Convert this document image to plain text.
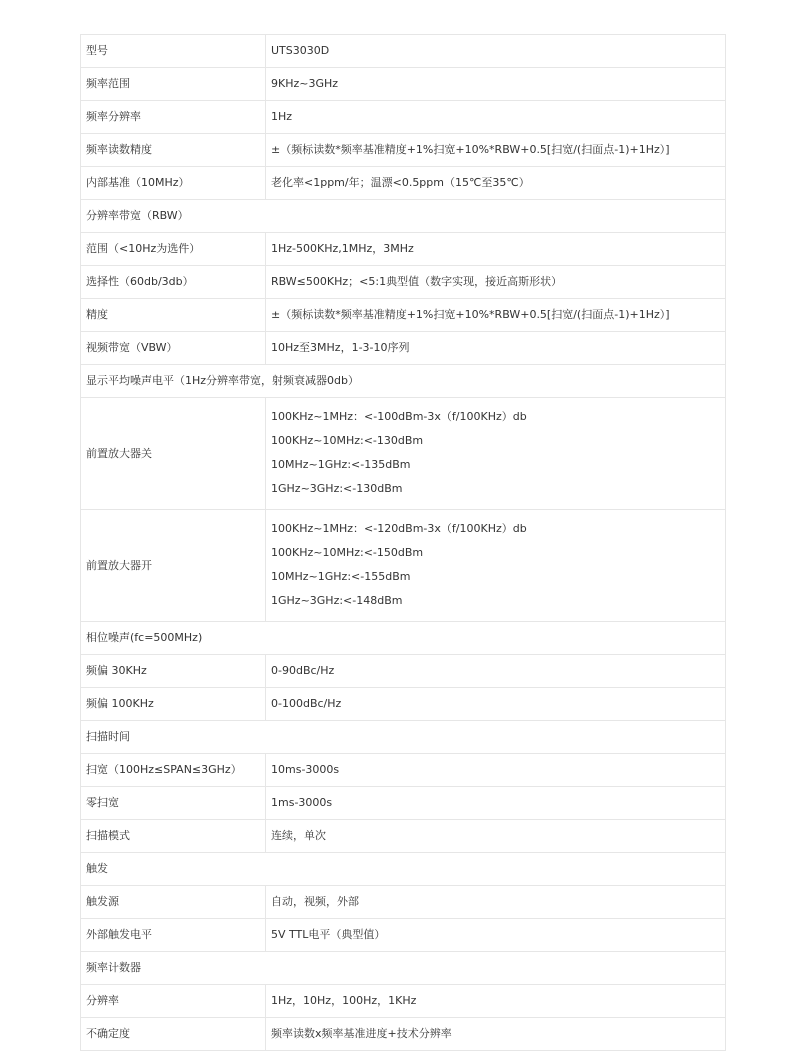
型号	UTS3030D
频率范围	9KHz~3GHz
频率分辨率	1Hz
频率读数精度	±（频标读数*频率基准精度+1%扫宽+10%*RBW+0.5[扫宽/(扫面点-1)+1Hz）]
内部基准（10MHz）	老化率<1ppm/年；温漂<0.5ppm（15℃至35℃）
分辨率带宽（RBW）	
范围（<10Hz为选件）	1Hz-500KHz,1MHz，3MHz
选择性（60db/3db）	RBW≤500KHz；<5:1典型值（数字实现，接近高斯形状）
精度	±（频标读数*频率基准精度+1%扫宽+10%*RBW+0.5[扫宽/(扫面点-1)+1Hz）]
视频带宽（VBW）	10Hz至3MHz，1-3-10序列
显示平均噪声电平（1Hz分辨率带宽，射频衰减器0db）	
前置放大器关	100KHz~1MHz：<-100dBm-3x（f/100KHz）db
100KHz~10MHz:<-130dBm
10MHz~1GHz:<-135dBm
1GHz~3GHz:<-130dBm

前置放大器开	100KHz~1MHz：<-120dBm-3x（f/100KHz）db
100KHz~10MHz:<-150dBm
10MHz~1GHz:<-155dBm
1GHz~3GHz:<-148dBm

相位噪声(fc=500MHz)	
频偏 30KHz	0-90dBc/Hz
频偏 100KHz	0-100dBc/Hz
扫描时间	
扫宽（100Hz≤SPAN≤3GHz）	10ms-3000s
零扫宽	1ms-3000s
扫描模式	连续，单次
触发	
触发源	自动，视频，外部
外部触发电平	5V TTL电平（典型值）
频率计数器	
分辨率	1Hz，10Hz，100Hz，1KHz
不确定度	频率读数x频率基准进度+技术分辨率
